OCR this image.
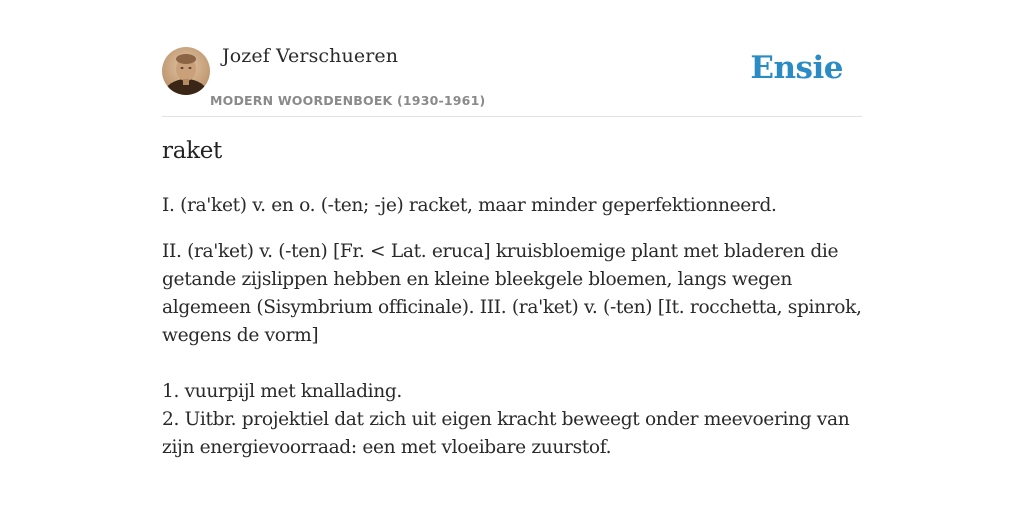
Jozef Verschueren
MODERN WOORDENBOEK (1930-1961)
Ensie
raket

I. (ra'ket) v. en o. (-ten; -je) racket, maar minder geperfektionneerd.

II. (ra'ket) v. (-ten) [Fr. < Lat. eruca] kruisbloemige plant met bladeren die getande zijslippen hebben en kleine bleekgele bloemen, langs wegen algemeen (Sisymbrium officinale). III. (ra'ket) v. (-ten) [It. rocchetta, spinrok, wegens de vorm]

1. vuurpijl met knallading.

2. Uitbr. projektiel dat zich uit eigen kracht beweegt onder meevoering van zijn energievoorraad: een met vloeibare zuurstof.
